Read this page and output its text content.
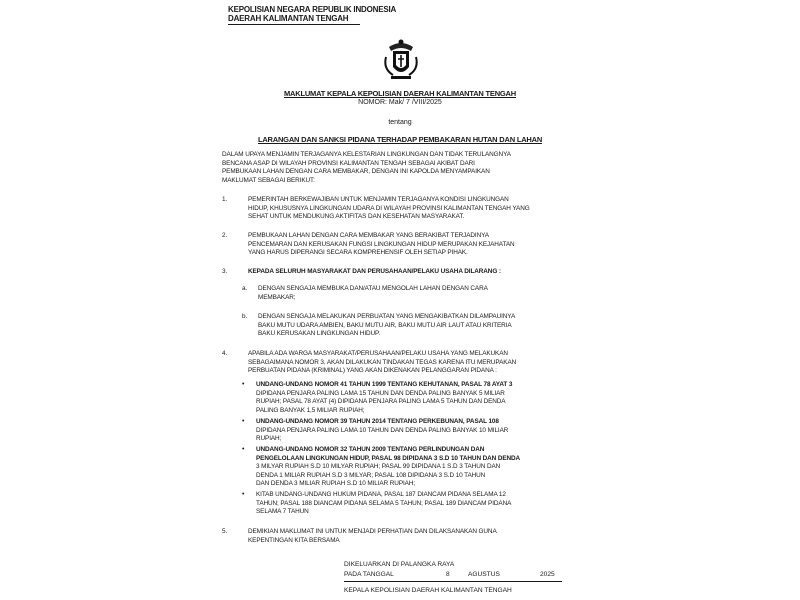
KEPOLISIAN NEGARA REPUBLIK INDONESIA
DAERAH KALIMANTAN TENGAH
MAKLUMAT KEPALA KEPOLISIAN DAERAH KALIMANTAN TENGAH
NOMOR: Mak/ 7 /VIII/2025
tentang
LARANGAN DAN SANKSI PIDANA TERHADAP PEMBAKARAN HUTAN DAN LAHAN
DALAM UPAYA MENJAMIN TERJAGANYA KELESTARIAN LINGKUNGAN DAN TIDAK TERULANGNYA
BENCANA ASAP DI WILAYAH PROVINSI KALIMANTAN TENGAH SEBAGAI AKIBAT DARI
PEMBUKAAN LAHAN DENGAN CARA MEMBAKAR, DENGAN INI KAPOLDA MENYAMPAIKAN
MAKLUMAT SEBAGAI BERIKUT:
1.	PEMERINTAH BERKEWAJIBAN UNTUK MENJAMIN TERJAGANYA KONDISI LINGKUNGAN
HIDUP, KHUSUSNYA LINGKUNGAN UDARA DI WILAYAH PROVINSI KALIMANTAN TENGAH YANG
SEHAT UNTUK MENDUKUNG AKTIFITAS DAN KESEHATAN MASYARAKAT.
2.	PEMBUKAAN LAHAN DENGAN CARA MEMBAKAR YANG BERAKIBAT TERJADINYA
PENCEMARAN DAN KERUSAKAN FUNGSI LINGKUNGAN HIDUP MERUPAKAN KEJAHATAN
YANG HARUS DIPERANGI SECARA KOMPREHENSIF OLEH SETIAP PIHAK.
3.	KEPADA SELURUH MASYARAKAT DAN PERUSAHAAN/PELAKU USAHA DILARANG :
a. DENGAN SENGAJA MEMBUKA DAN/ATAU MENGOLAH LAHAN DENGAN CARA
MEMBAKAR;
b. DENGAN SENGAJA MELAKUKAN PERBUATAN YANG MENGAKIBATKAN DILAMPAUINYA
BAKU MUTU UDARA AMBIEN, BAKU MUTU AIR, BAKU MUTU AIR LAUT ATAU KRITERIA
BAKU KERUSAKAN LINGKUNGAN HIDUP.
4.	APABILA ADA WARGA MASYARAKAT/PERUSAHAAN/PELAKU USAHA YANG MELAKUKAN
SEBAGAIMANA NOMOR 3, AKAN DILAKUKAN TINDAKAN TEGAS KARENA ITU MERUPAKAN
PERBUATAN PIDANA (KRIMINAL) YANG AKAN DIKENAKAN PELANGGARAN PIDANA :
• UNDANG-UNDANG NOMOR 41 TAHUN 1999 TENTANG KEHUTANAN, PASAL 78 AYAT 3
DIPIDANA PENJARA PALING LAMA 15 TAHUN DAN DENDA PALING BANYAK 5 MILIAR
RUPIAH; PASAL 78 AYAT (4) DIPIDANA PENJARA PALING LAMA 5 TAHUN DAN DENDA
PALING BANYAK 1,5 MILIAR RUPIAH;
• UNDANG-UNDANG NOMOR 39 TAHUN 2014 TENTANG PERKEBUNAN, PASAL 108
DIPIDANA PENJARA PALING LAMA 10 TAHUN DAN DENDA PALING BANYAK 10 MILIAR
RUPIAH;
• UNDANG-UNDANG NOMOR 32 TAHUN 2009 TENTANG PERLINDUNGAN DAN
PENGELOLAAN LINGKUNGAN HIDUP, PASAL 98 DIPIDANA 3 S.D 10 TAHUN DAN DENDA
3 MILYAR RUPIAH S.D 10 MILYAR RUPIAH; PASAL 99 DIPIDANA 1 S.D 3 TAHUN DAN
DENDA 1 MILIAR RUPIAH S.D 3 MILYAR; PASAL 108 DIPIDANA 3 S.D 10 TAHUN
DAN DENDA 3 MILIAR RUPIAH S.D 10 MILIAR RUPIAH;
• KITAB UNDANG-UNDANG HUKUM PIDANA, PASAL 187 DIANCAM PIDANA SELAMA 12
TAHUN; PASAL 188 DIANCAM PIDANA SELAMA 5 TAHUN; PASAL 189 DIANCAM PIDANA
SELAMA 7 TAHUN
5.	DEMIKIAN MAKLUMAT INI UNTUK MENJADI PERHATIAN DAN DILAKSANAKAN GUNA
KEPENTINGAN KITA BERSAMA
DIKELUARKAN DI PALANGKA RAYA
PADA TANGGAL	8	AGUSTUS	2025
KEPALA KEPOLISIAN DAERAH KALIMANTAN TENGAH
